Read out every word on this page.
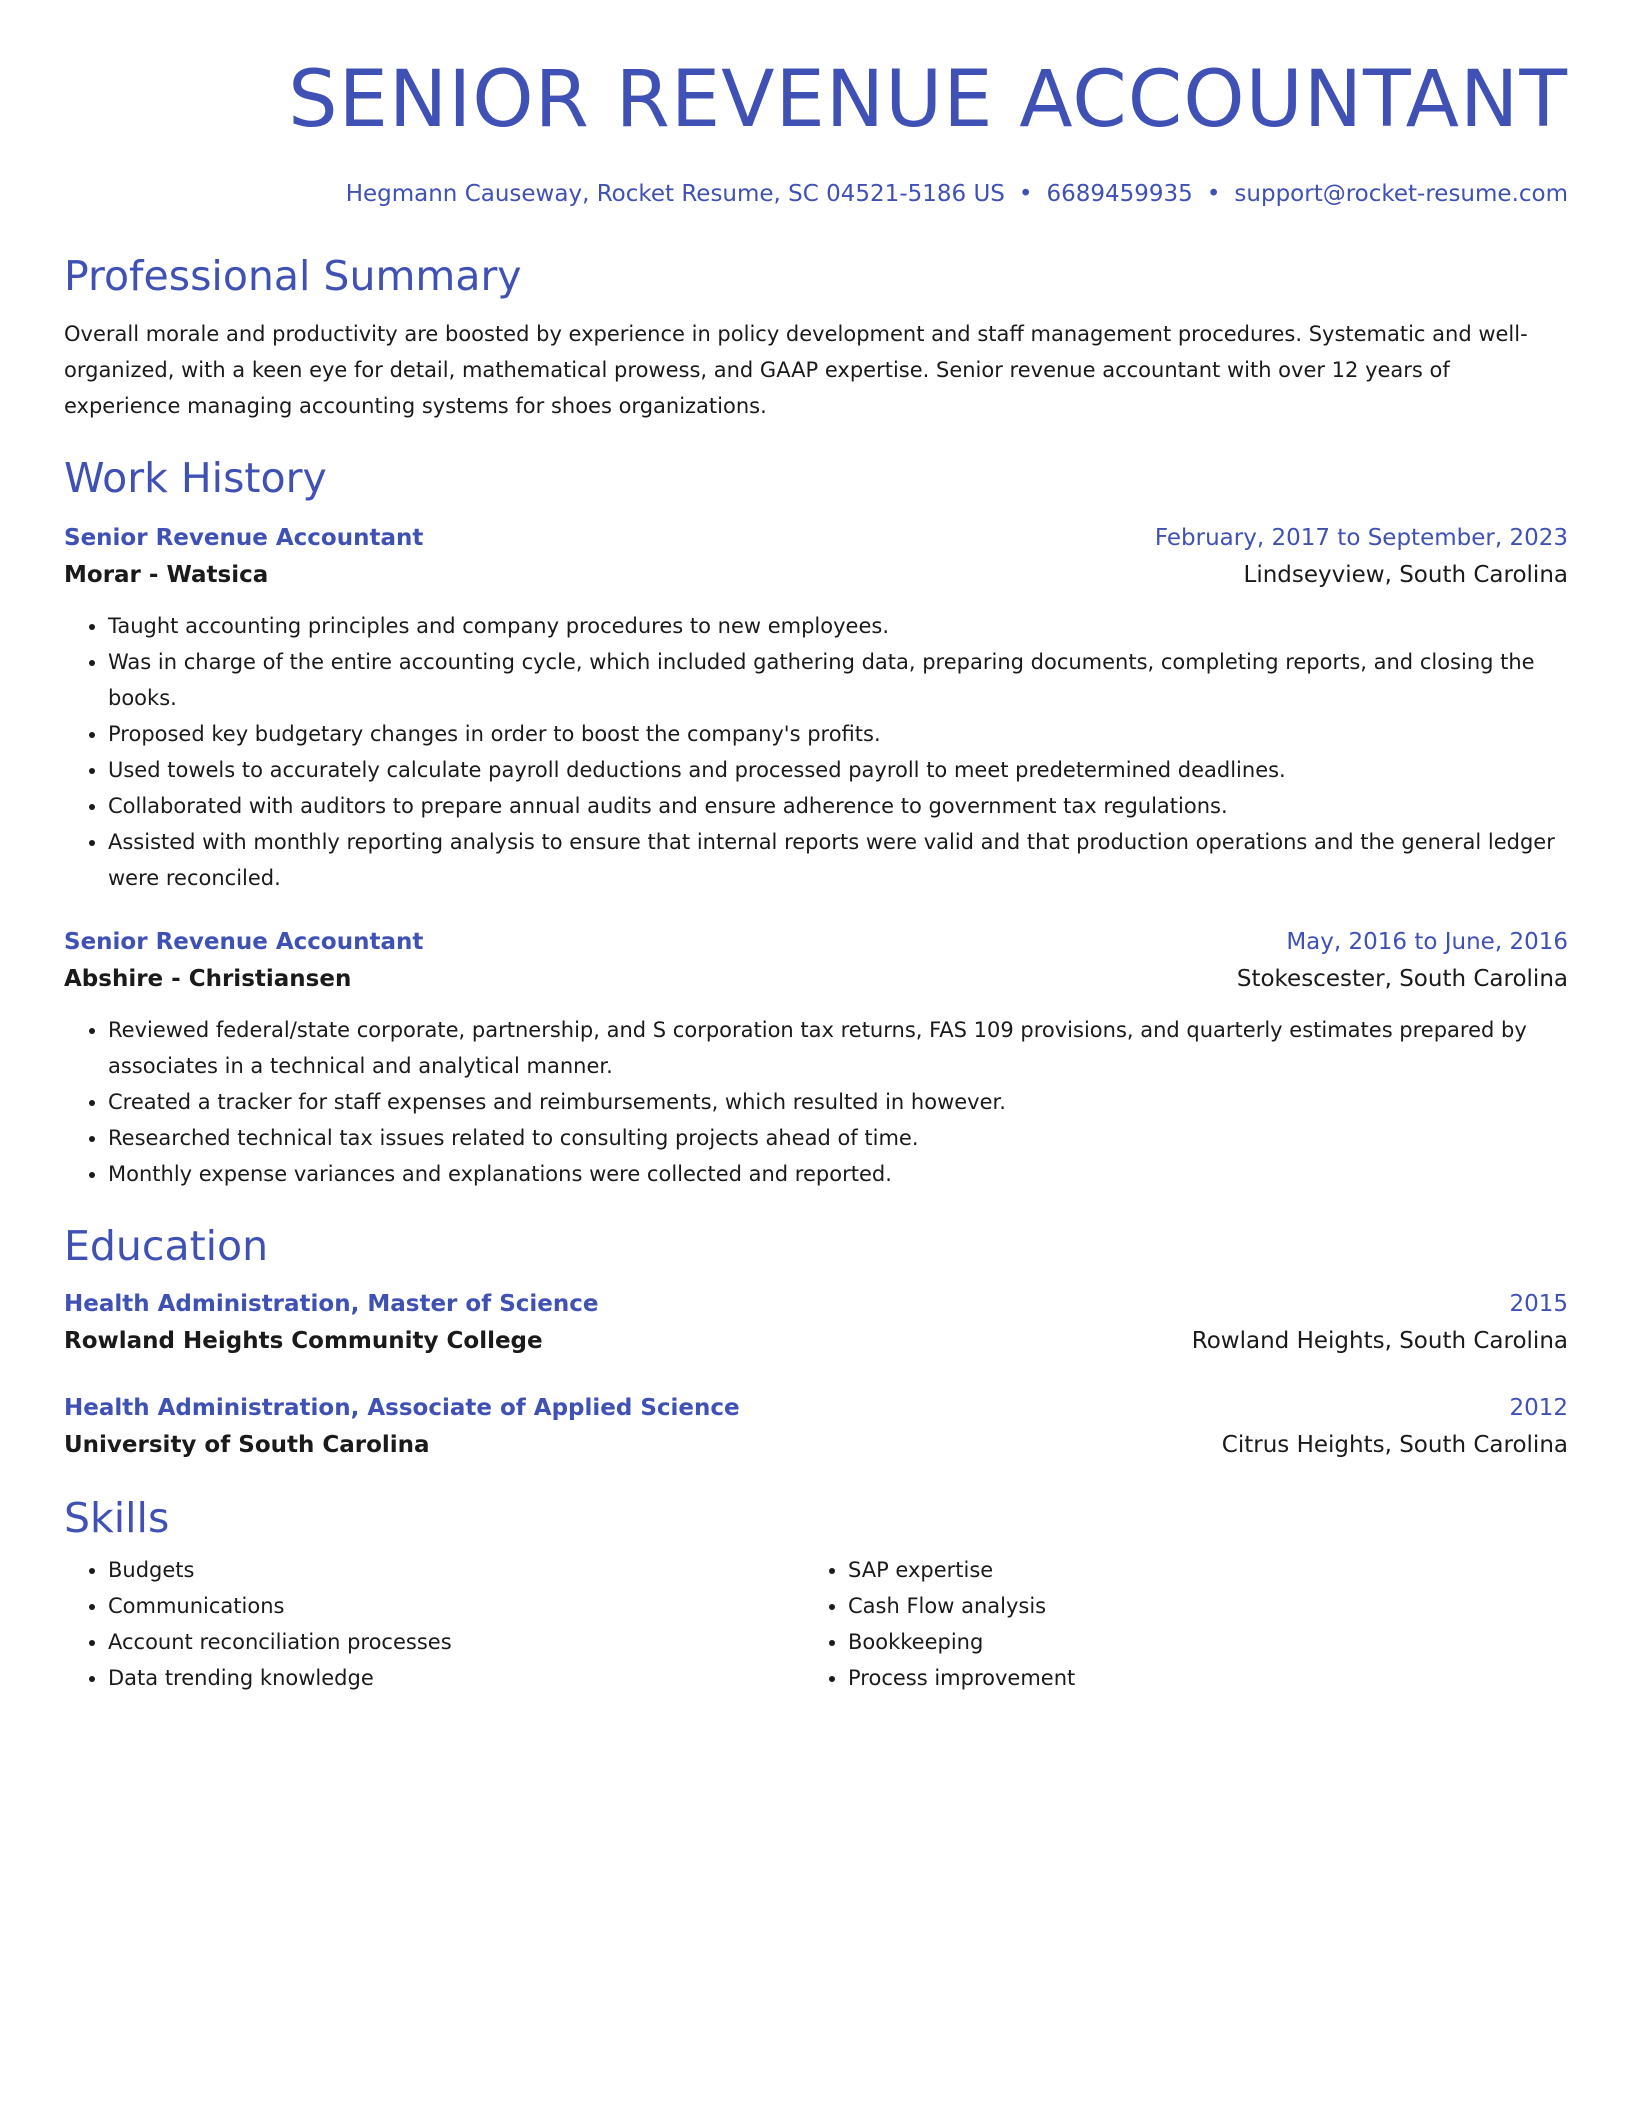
SENIOR REVENUE ACCOUNTANT
Hegmann Causeway, Rocket Resume, SC 04521-5186 US • 6689459935 • support@rocket-resume.com
Professional Summary
Overall morale and productivity are boosted by experience in policy development and staff management procedures. Systematic and well-organized, with a keen eye for detail, mathematical prowess, and GAAP expertise. Senior revenue accountant with over 12 years of experience managing accounting systems for shoes organizations.
Work History
Senior Revenue Accountant	February, 2017 to September, 2023
Morar - Watsica	Lindseyview, South Carolina
• Taught accounting principles and company procedures to new employees.
• Was in charge of the entire accounting cycle, which included gathering data, preparing documents, completing reports, and closing the books.
• Proposed key budgetary changes in order to boost the company's profits.
• Used towels to accurately calculate payroll deductions and processed payroll to meet predetermined deadlines.
• Collaborated with auditors to prepare annual audits and ensure adherence to government tax regulations.
• Assisted with monthly reporting analysis to ensure that internal reports were valid and that production operations and the general ledger were reconciled.
Senior Revenue Accountant	May, 2016 to June, 2016
Abshire - Christiansen	Stokescester, South Carolina
• Reviewed federal/state corporate, partnership, and S corporation tax returns, FAS 109 provisions, and quarterly estimates prepared by associates in a technical and analytical manner.
• Created a tracker for staff expenses and reimbursements, which resulted in however.
• Researched technical tax issues related to consulting projects ahead of time.
• Monthly expense variances and explanations were collected and reported.
Education
Health Administration, Master of Science	2015
Rowland Heights Community College	Rowland Heights, South Carolina
Health Administration, Associate of Applied Science	2012
University of South Carolina	Citrus Heights, South Carolina
Skills
• Budgets
• Communications
• Account reconciliation processes
• Data trending knowledge
• SAP expertise
• Cash Flow analysis
• Bookkeeping
• Process improvement
